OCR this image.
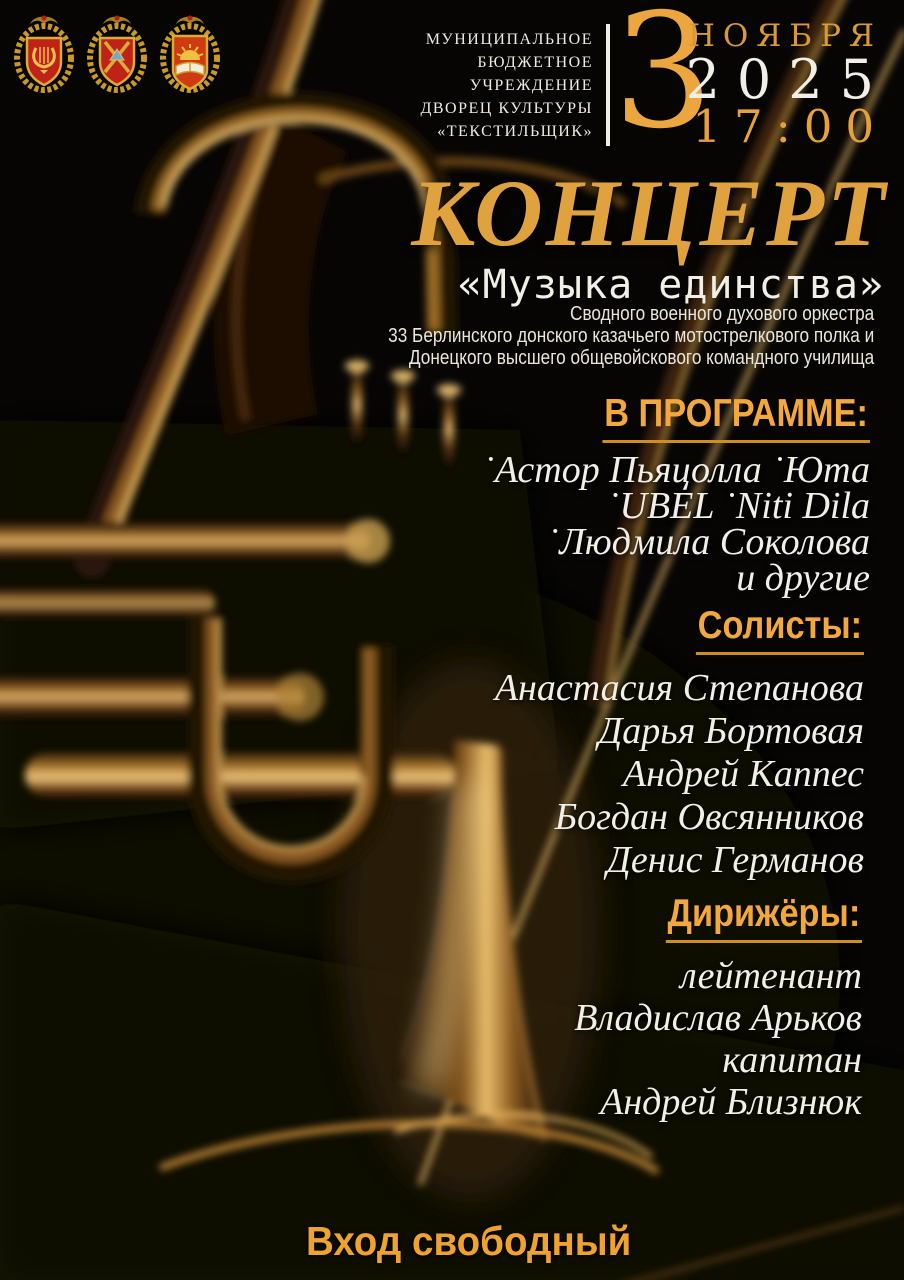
МУНИЦИПАЛЬНОЕ
БЮДЖЕТНОЕ
УЧРЕЖДЕНИЕ
ДВОРЕЦ КУЛЬТУРЫ
«ТЕКСТИЛЬЩИК» 3
НОЯБРЯ
2025
17:00
КОНЦЕРТ
«Музыка единства»
Сводного военного духового оркестра
33 Берлинского донского казачьего мотострелкового полка и
Донецкого высшего общевойскового командного училища
В ПРОГРАММЕ:
˙Астор Пьяцолла ˙Юта
˙UBEL ˙Niti Dila
˙Людмила Соколова
и другие
Солисты:
Анастасия Степанова
Дарья Бортовая
Андрей Каппес
Богдан Овсянников
Денис Германов
Дирижёры:
лейтенант
Владислав Арьков
капитан
Андрей Близнюк
Вход свободный
